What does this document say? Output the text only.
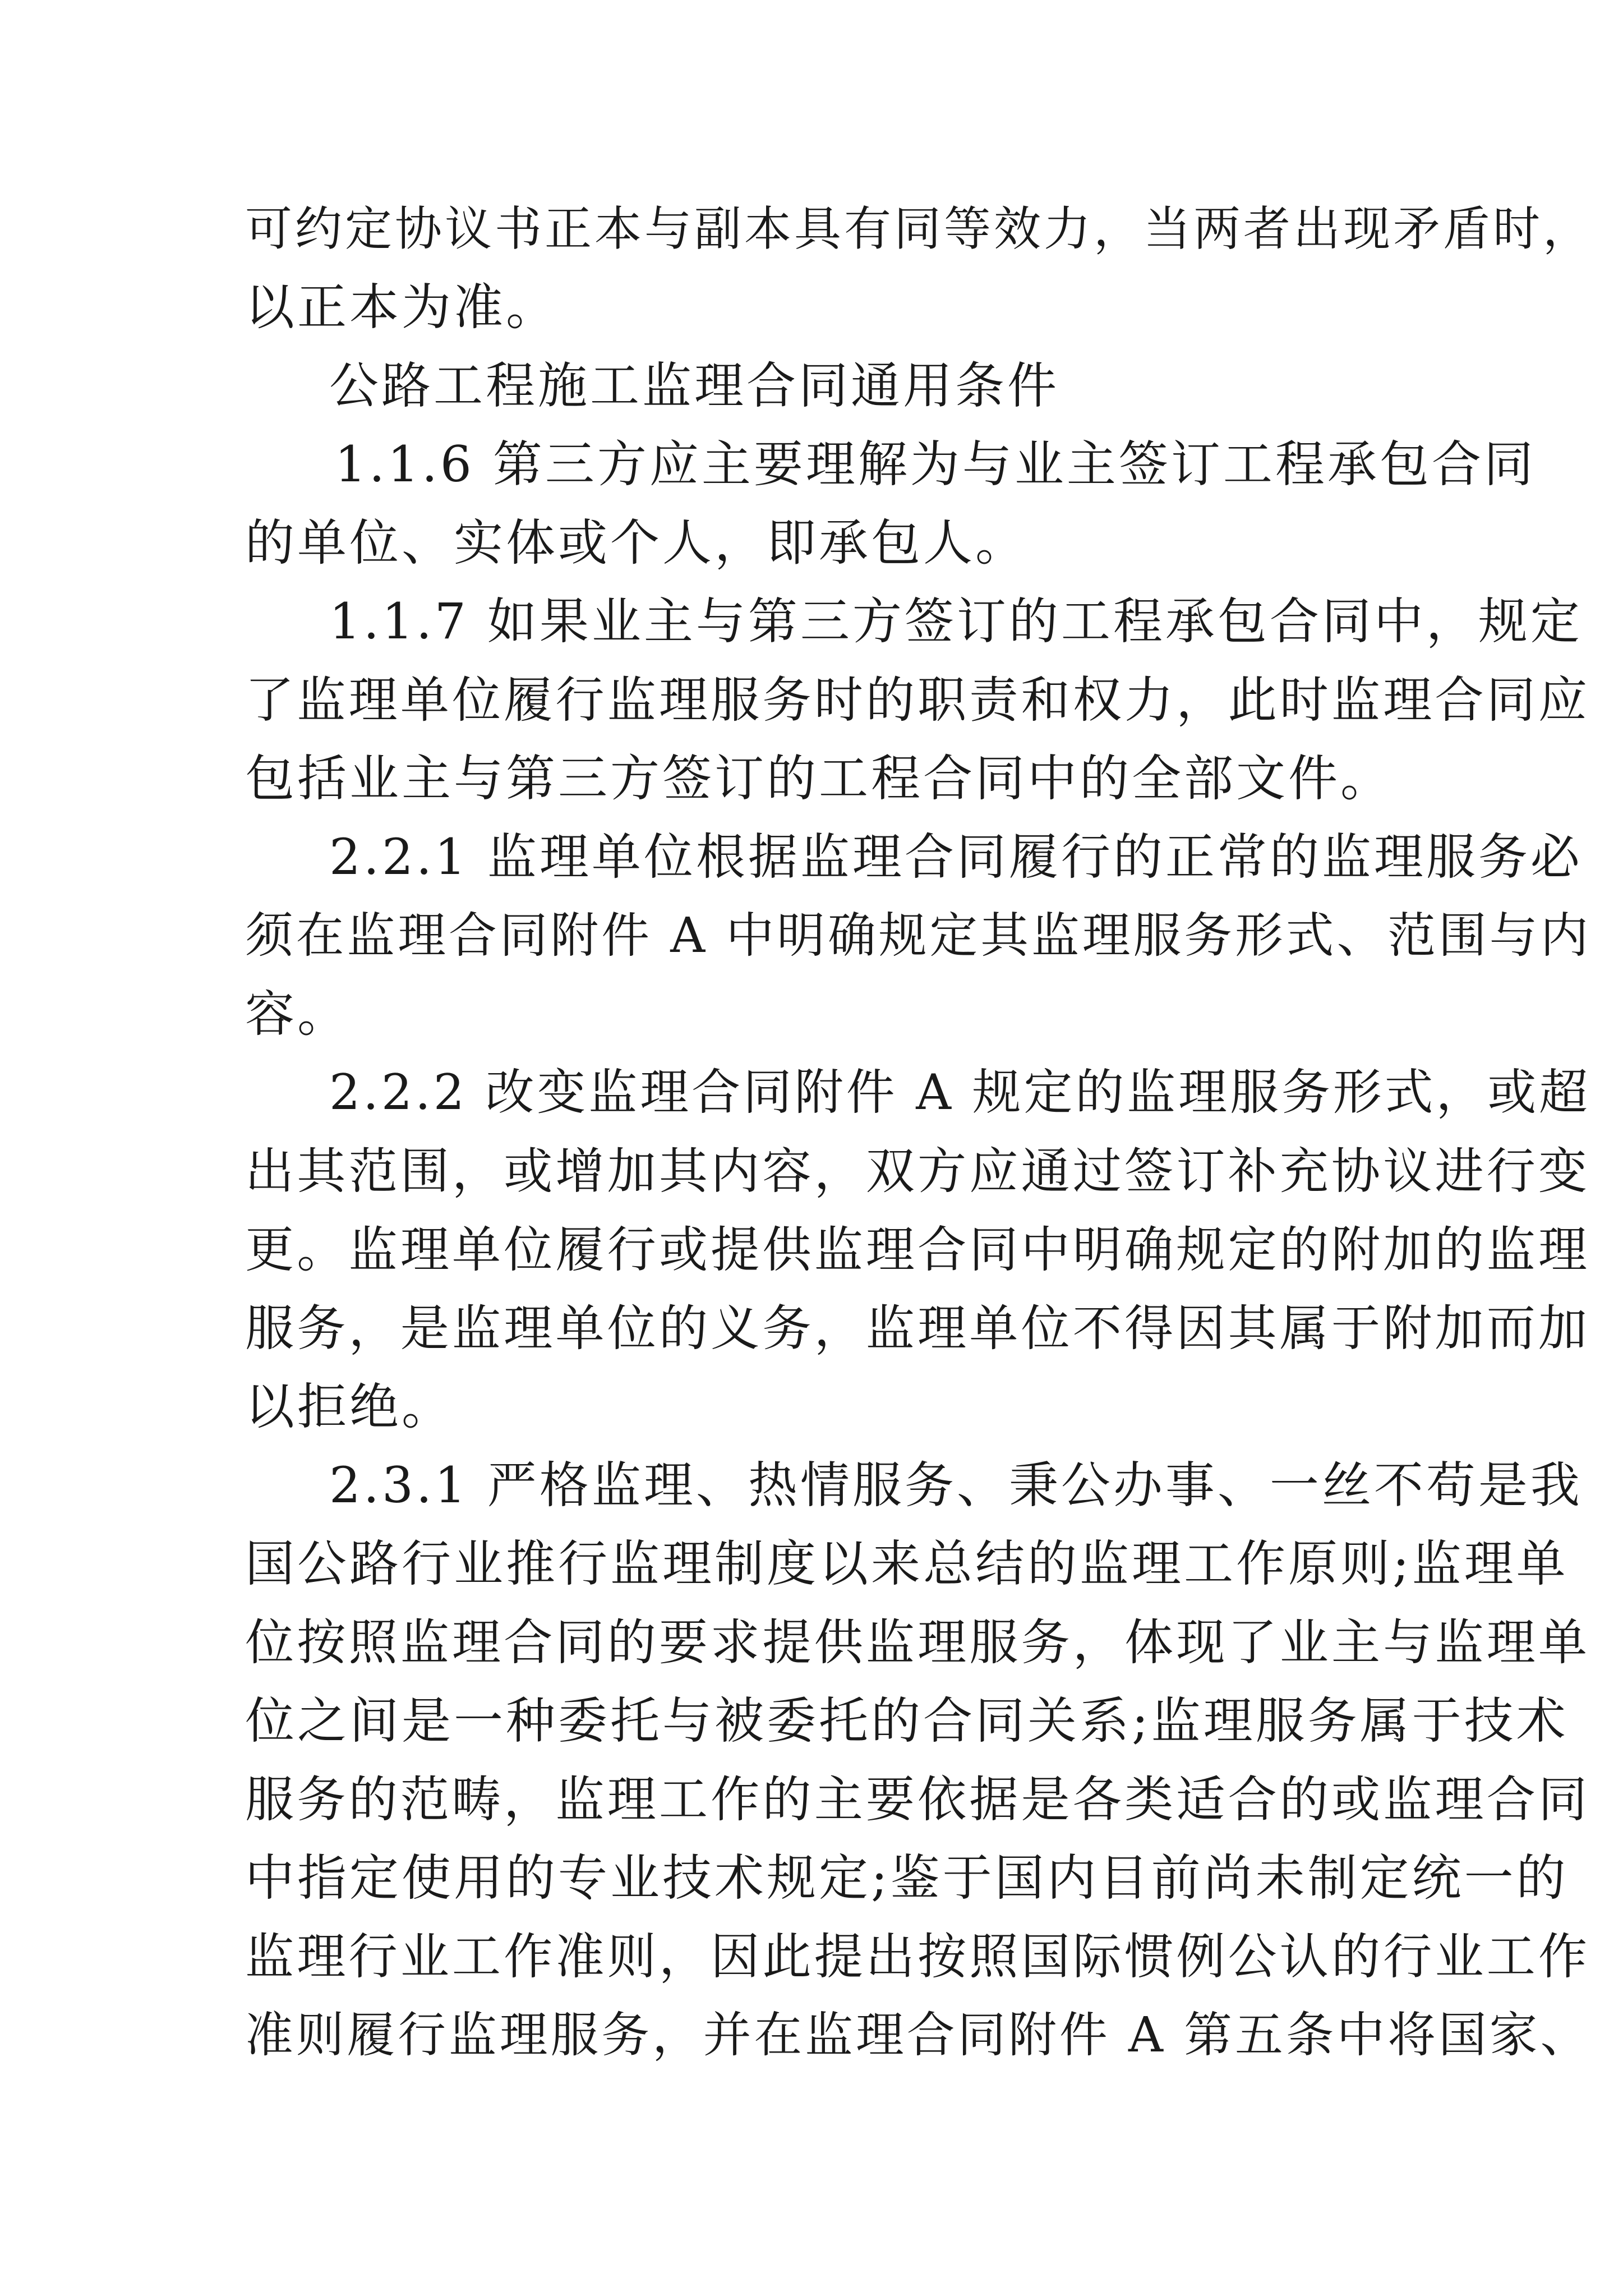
可约定协议书正本与副本具有同等效力，当两者出现矛盾时，
以正本为准。
公路工程施工监理合同通用条件
1.1.6 第三方应主要理解为与业主签订工程承包合同
的单位、实体或个人，即承包人。
1.1.7 如果业主与第三方签订的工程承包合同中，规定
了监理单位履行监理服务时的职责和权力，此时监理合同应
包括业主与第三方签订的工程合同中的全部文件。
2.2.1 监理单位根据监理合同履行的正常的监理服务必
须在监理合同附件 A 中明确规定其监理服务形式、范围与内
容。
2.2.2 改变监理合同附件 A 规定的监理服务形式，或超
出其范围，或增加其内容，双方应通过签订补充协议进行变
更。监理单位履行或提供监理合同中明确规定的附加的监理
服务，是监理单位的义务，监理单位不得因其属于附加而加
以拒绝。
2.3.1 严格监理、热情服务、秉公办事、一丝不苟是我
国公路行业推行监理制度以来总结的监理工作原则;监理单
位按照监理合同的要求提供监理服务，体现了业主与监理单
位之间是一种委托与被委托的合同关系;监理服务属于技术
服务的范畴，监理工作的主要依据是各类适合的或监理合同
中指定使用的专业技术规定;鉴于国内目前尚未制定统一的
监理行业工作准则，因此提出按照国际惯例公认的行业工作
准则履行监理服务，并在监理合同附件 A 第五条中将国家、
